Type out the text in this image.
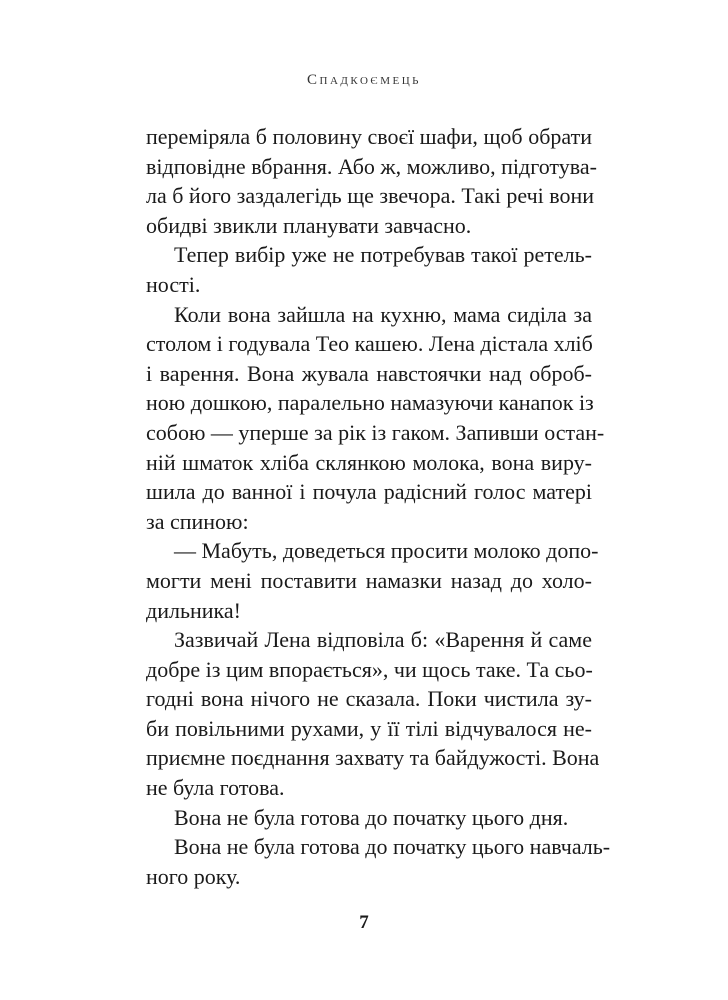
Спадкоємець
переміряла б половину своєї шафи, щоб обрати
відповідне вбрання. Або ж, можливо, підготува-
ла б його заздалегідь ще звечора. Такі речі вони
обидві звикли планувати завчасно.
Тепер вибір уже не потребував такої ретель-
ності.
Коли вона зайшла на кухню, мама сиділа за
столом і годувала Тео кашею. Лена дістала хліб
і варення. Вона жувала навстоячки над оброб-
ною дошкою, паралельно намазуючи канапок із
собою — уперше за рік із гаком. Запивши остан-
ній шматок хліба склянкою молока, вона виру-
шила до ванної і почула радісний голос матері
за спиною:
— Мабуть, доведеться просити молоко допо-
могти мені поставити намазки назад до холо-
дильника!
Зазвичай Лена відповіла б: «Варення й саме
добре із цим впорається», чи щось таке. Та сьо-
годні вона нічого не сказала. Поки чистила зу-
би повільними рухами, у її тілі відчувалося не-
приємне поєднання захвату та байдужості. Вона
не була готова.
Вона не була готова до початку цього дня.
Вона не була готова до початку цього навчаль-
ного року.
7
